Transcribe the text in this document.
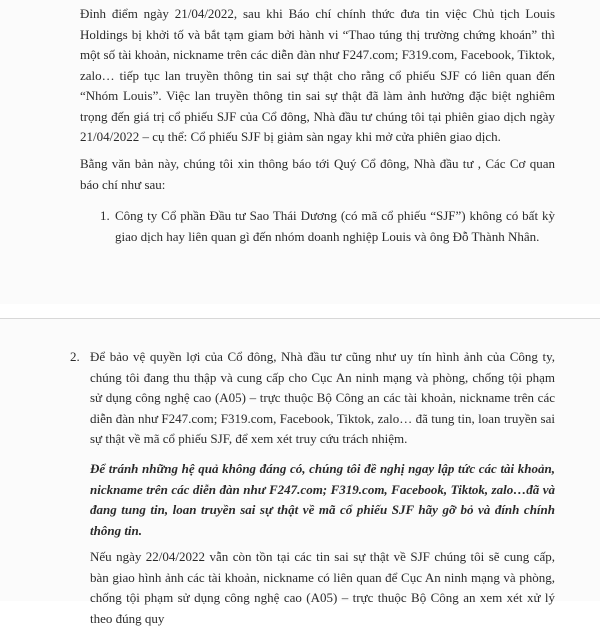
Đỉnh điểm ngày 21/04/2022, sau khi Báo chí chính thức đưa tin việc Chủ tịch Louis Holdings bị khởi tố và bắt tạm giam bởi hành vi “Thao túng thị trường chứng khoán” thì một số tài khoản, nickname trên các diễn đàn như F247.com; F319.com, Facebook, Tiktok, zalo… tiếp tục lan truyền thông tin sai sự thật cho rằng cổ phiếu SJF có liên quan đến “Nhóm Louis”. Việc lan truyền thông tin sai sự thật đã làm ảnh hưởng đặc biệt nghiêm trọng đến giá trị cổ phiếu SJF của Cổ đông, Nhà đầu tư chúng tôi tại phiên giao dịch ngày 21/04/2022 – cụ thể: Cổ phiếu SJF bị giảm sàn ngay khi mở cửa phiên giao dịch.

Bằng văn bản này, chúng tôi xin thông báo tới Quý Cổ đông, Nhà đầu tư , Các Cơ quan báo chí như sau:

1. Công ty Cổ phần Đầu tư Sao Thái Dương (có mã cổ phiếu “SJF”) không có bất kỳ giao dịch hay liên quan gì đến nhóm doanh nghiệp Louis và ông Đỗ Thành Nhân.

2. Để bảo vệ quyền lợi của Cổ đông, Nhà đầu tư cũng như uy tín hình ảnh của Công ty, chúng tôi đang thu thập và cung cấp cho Cục An ninh mạng và phòng, chống tội phạm sử dụng công nghệ cao (A05) – trực thuộc Bộ Công an các tài khoản, nickname trên các diễn đàn như F247.com; F319.com, Facebook, Tiktok, zalo… đã tung tin, loan truyền sai sự thật về mã cổ phiếu SJF, để xem xét truy cứu trách nhiệm.

Để tránh những hệ quả không đáng có, chúng tôi đề nghị ngay lập tức các tài khoản, nickname trên các diễn đàn như F247.com; F319.com, Facebook, Tiktok, zalo…đã và đang tung tin, loan truyền sai sự thật về mã cổ phiếu SJF hãy gỡ bỏ và đính chính thông tin.

Nếu ngày 22/04/2022 vẫn còn tồn tại các tin sai sự thật về SJF chúng tôi sẽ cung cấp, bàn giao hình ảnh các tài khoản, nickname có liên quan để Cục An ninh mạng và phòng, chống tội phạm sử dụng công nghệ cao (A05) – trực thuộc Bộ Công an xem xét xử lý theo đúng quy
